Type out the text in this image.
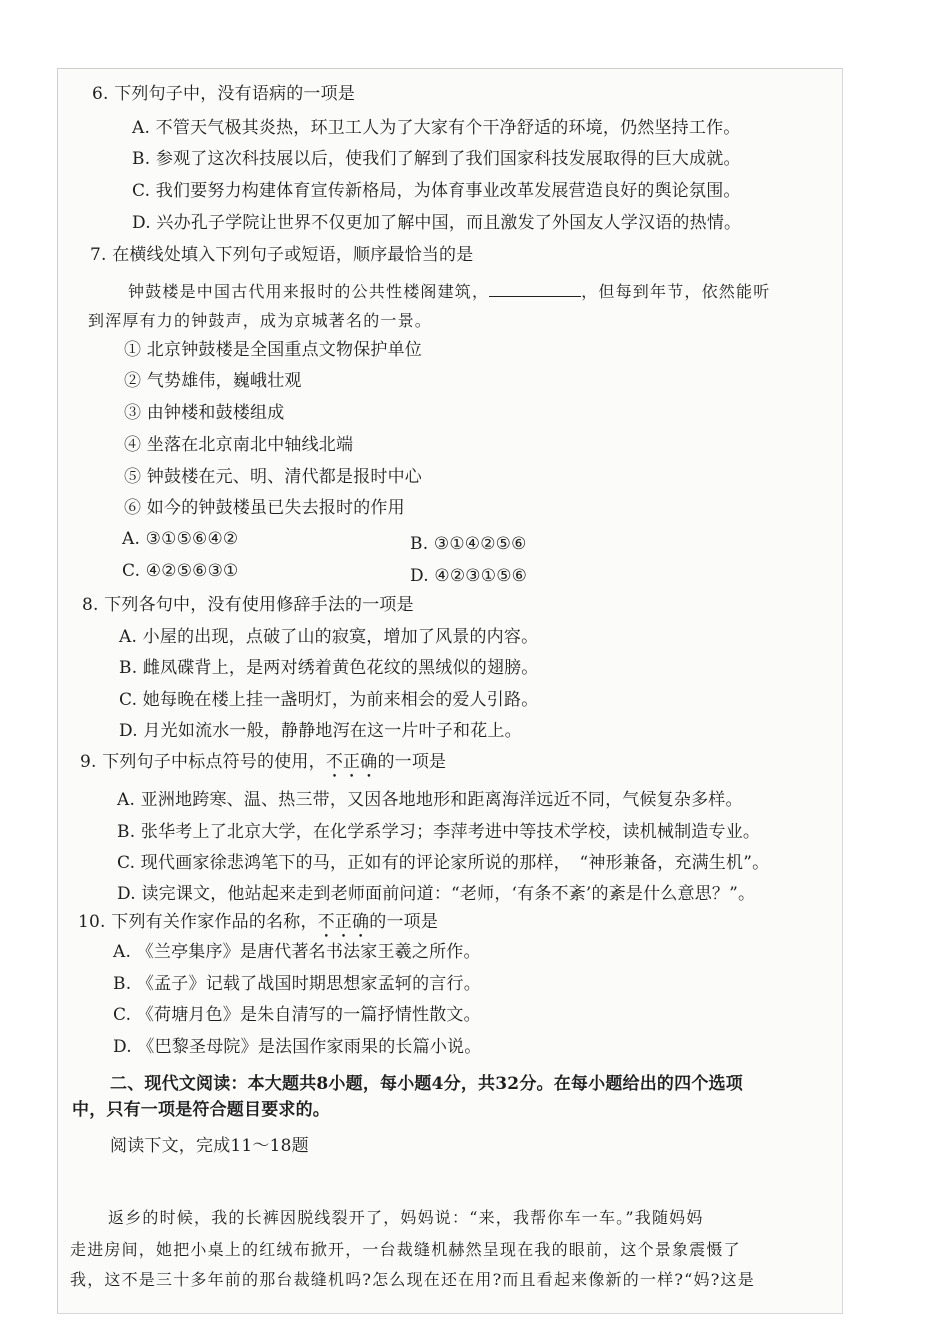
6. 下列句子中，没有语病的一项是
A. 不管天气极其炎热，环卫工人为了大家有个干净舒适的环境，仍然坚持工作。
B. 参观了这次科技展以后，使我们了解到了我们国家科技发展取得的巨大成就。
C. 我们要努力构建体育宣传新格局，为体育事业改革发展营造良好的舆论氛围。
D. 兴办孔子学院让世界不仅更加了解中国，而且激发了外国友人学汉语的热情。
7. 在横线处填入下列句子或短语，顺序最恰当的是
钟鼓楼是中国古代用来报时的公共性楼阁建筑，	，但每到年节，依然能听
到浑厚有力的钟鼓声，成为京城著名的一景。
① 北京钟鼓楼是全国重点文物保护单位
② 气势雄伟，巍峨壮观
③ 由钟楼和鼓楼组成
④ 坐落在北京南北中轴线北端
⑤ 钟鼓楼在元、明、清代都是报时中心
⑥ 如今的钟鼓楼虽已失去报时的作用
A. ③①⑤⑥④②	B. ③①④②⑤⑥
C. ④②⑤⑥③①	D. ④②③①⑤⑥
8. 下列各句中，没有使用修辞手法的一项是
A. 小屋的出现，点破了山的寂寞，增加了风景的内容。
B. 雌凤碟背上，是两对绣着黄色花纹的黑绒似的翅膀。
C. 她每晚在楼上挂一盏明灯，为前来相会的爱人引路。
D. 月光如流水一般，静静地泻在这一片叶子和花上。
9. 下列句子中标点符号的使用，不正确的一项是
A. 亚洲地跨寒、温、热三带，又因各地地形和距离海洋远近不同，气候复杂多样。
B. 张华考上了北京大学，在化学系学习；李萍考进中等技术学校，读机械制造专业。
C. 现代画家徐悲鸿笔下的马，正如有的评论家所说的那样，　“神形兼备，充满生机”。
D. 读完课文，他站起来走到老师面前问道：“老师，‘有条不紊’的紊是什么意思？”。
10. 下列有关作家作品的名称，不正确的一项是
A. 《兰亭集序》是唐代著名书法家王羲之所作。
B. 《孟子》记载了战国时期思想家孟轲的言行。
C. 《荷塘月色》是朱自清写的一篇抒情性散文。
D. 《巴黎圣母院》是法国作家雨果的长篇小说。
二、现代文阅读：本大题共8小题，每小题4分，共32分。在每小题给出的四个选项
中，只有一项是符合题目要求的。
阅读下文，完成11～18题
返乡的时候，我的长裤因脱线裂开了，妈妈说：“来，我帮你车一车。”我随妈妈
走进房间，她把小桌上的红绒布掀开，一台裁缝机赫然呈现在我的眼前，这个景象震慑了
我，这不是三十多年前的那台裁缝机吗?怎么现在还在用?而且看起来像新的一样?“妈?这是
